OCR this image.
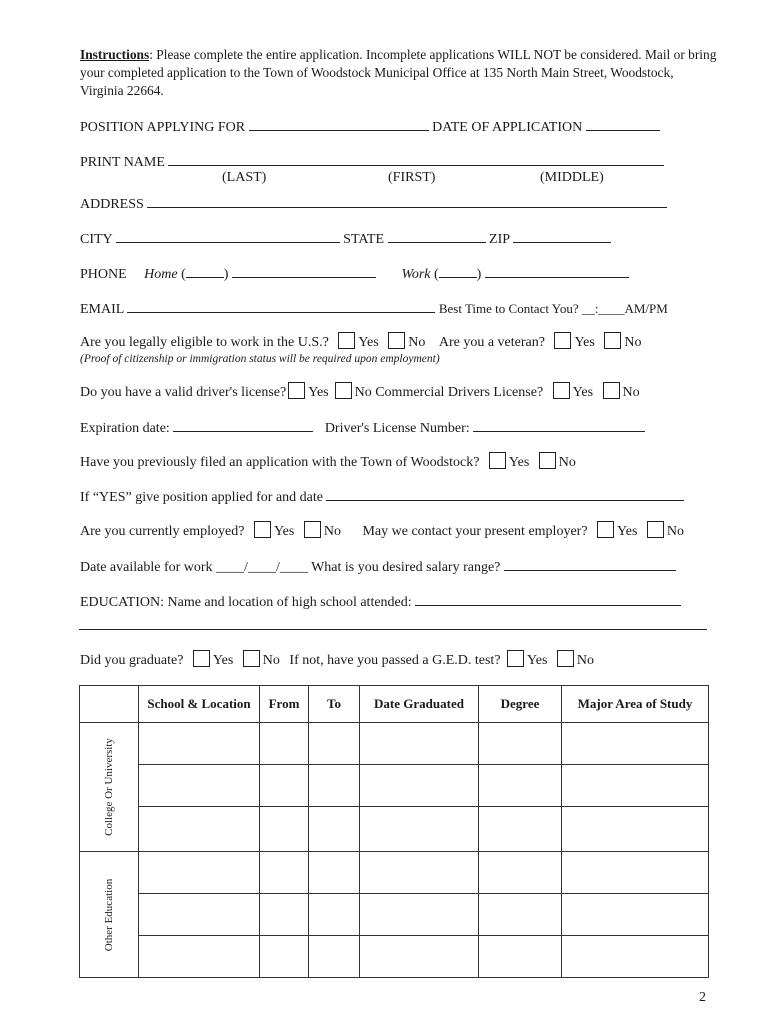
Instructions: Please complete the entire application. Incomplete applications WILL NOT be considered. Mail or bring your completed application to the Town of Woodstock Municipal Office at 135 North Main Street, Woodstock, Virginia 22664.
POSITION APPLYING FOR	DATE OF APPLICATION
PRINT NAME
(LAST)	(FIRST)	(MIDDLE)
ADDRESS
CITY	STATE	ZIP
PHONE Home (	)	Work (	)
EMAIL	Best Time to Contact You? __:____AM/PM
Are you legally eligible to work in the U.S.? Yes No Are you a veteran? Yes No
(Proof of citizenship or immigration status will be required upon employment)
Do you have a valid driver's license? Yes No Commercial Drivers License? Yes No
Expiration date:	Driver's License Number:
Have you previously filed an application with the Town of Woodstock? Yes No
If “YES” give position applied for and date
Are you currently employed? Yes No May we contact your present employer? Yes No
Date available for work ____/____/____ What is you desired salary range?
EDUCATION: Name and location of high school attended:
Did you graduate? Yes No If not, have you passed a G.E.D. test? Yes No
	School & Location	From	To	Date Graduated	Degree	Major Area of Study

College Or University						

Other Education						

2
